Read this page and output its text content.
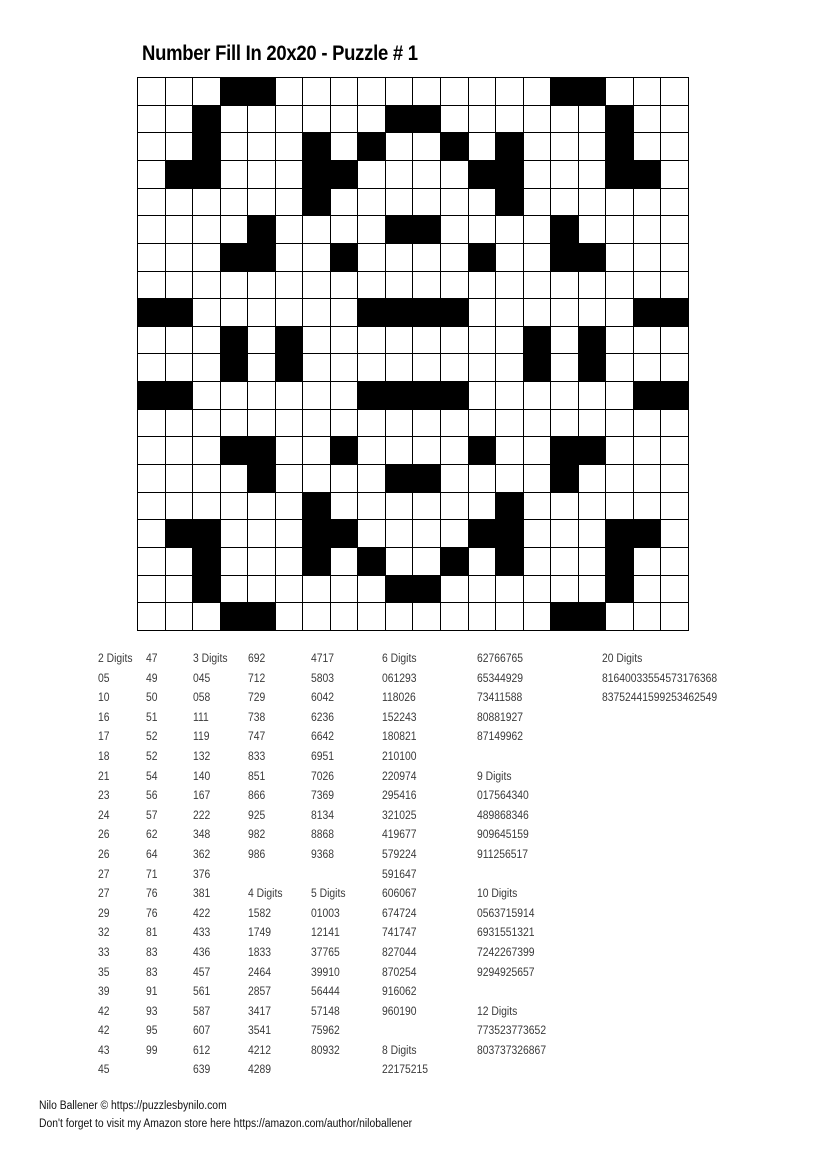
Number Fill In 20x20 - Puzzle # 1
2 Digits
05
10
16
17
18
21
23
24
26
26
27
27
29
32
33
35
39
42
42
43
45
47
49
50
51
52
52
54
56
57
62
64
71
76
76
81
83
83
91
93
95
99
3 Digits
045
058
111
119
132
140
167
222
348
362
376
381
422
433
436
457
561
587
607
612
639
692
712
729
738
747
833
851
866
925
982
986
4 Digits
1582
1749
1833
2464
2857
3417
3541
4212
4289
4717
5803
6042
6236
6642
6951
7026
7369
8134
8868
9368
5 Digits
01003
12141
37765
39910
56444
57148
75962
80932
6 Digits
061293
118026
152243
180821
210100
220974
295416
321025
419677
579224
591647
606067
674724
741747
827044
870254
916062
960190
8 Digits
22175215
62766765
65344929
73411588
80881927
87149962
9 Digits
017564340
489868346
909645159
911256517
10 Digits
0563715914
6931551321
7242267399
9294925657
12 Digits
773523773652
803737326867
20 Digits
81640033554573176368
83752441599253462549
Nilo Ballener © https://puzzlesbynilo.com
Don't forget to visit my Amazon store here https://amazon.com/author/niloballener
